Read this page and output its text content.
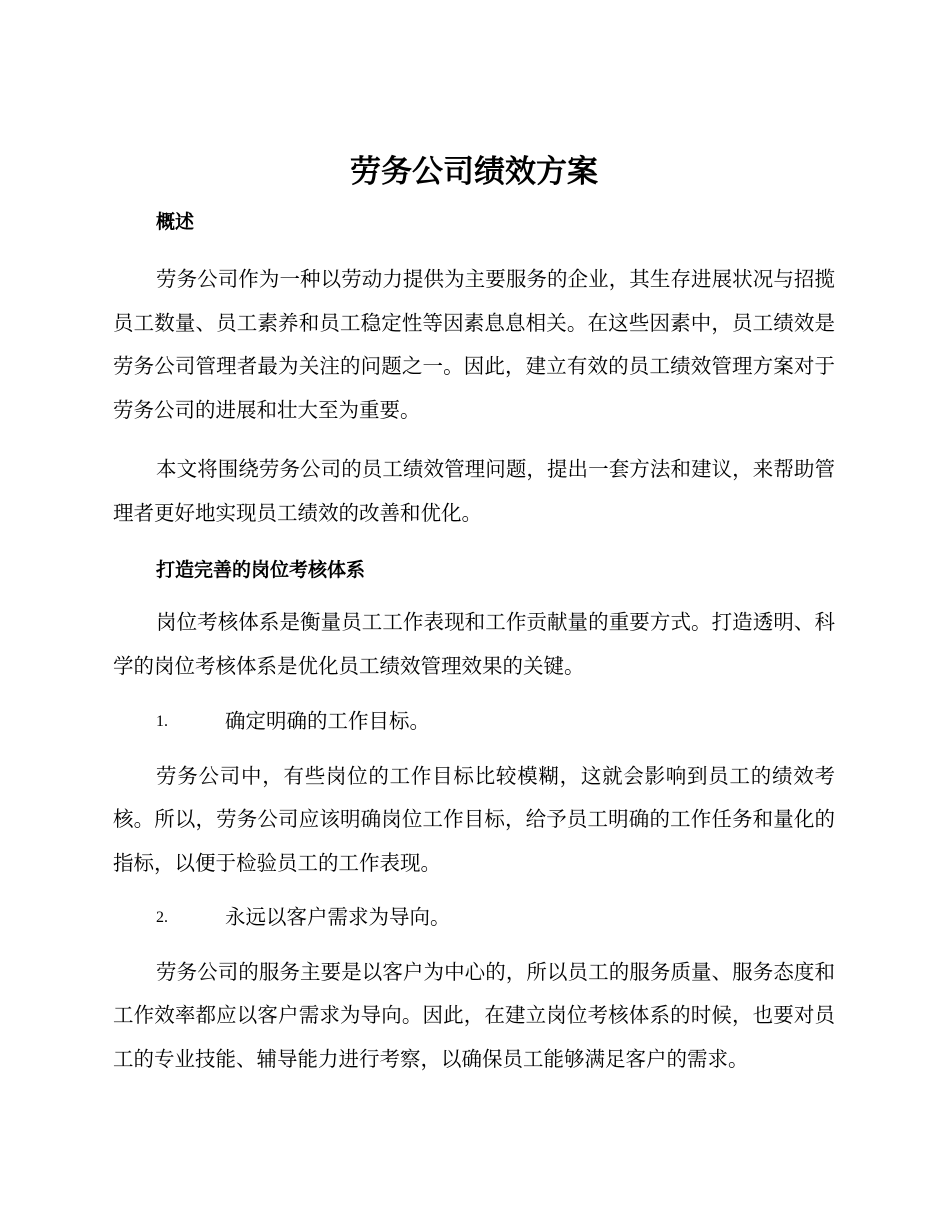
劳务公司绩效方案

概述

劳务公司作为一种以劳动力提供为主要服务的企业，其生存进展状况与招揽员工数量、员工素养和员工稳定性等因素息息相关。在这些因素中，员工绩效是劳务公司管理者最为关注的问题之一。因此，建立有效的员工绩效管理方案对于劳务公司的进展和壮大至为重要。

本文将围绕劳务公司的员工绩效管理问题，提出一套方法和建议，来帮助管理者更好地实现员工绩效的改善和优化。

打造完善的岗位考核体系

岗位考核体系是衡量员工工作表现和工作贡献量的重要方式。打造透明、科学的岗位考核体系是优化员工绩效管理效果的关键。

1.	确定明确的工作目标。

劳务公司中，有些岗位的工作目标比较模糊，这就会影响到员工的绩效考核。所以，劳务公司应该明确岗位工作目标，给予员工明确的工作任务和量化的指标，以便于检验员工的工作表现。

2.	永远以客户需求为导向。

劳务公司的服务主要是以客户为中心的，所以员工的服务质量、服务态度和工作效率都应以客户需求为导向。因此，在建立岗位考核体系的时候，也要对员工的专业技能、辅导能力进行考察，以确保员工能够满足客户的需求。
